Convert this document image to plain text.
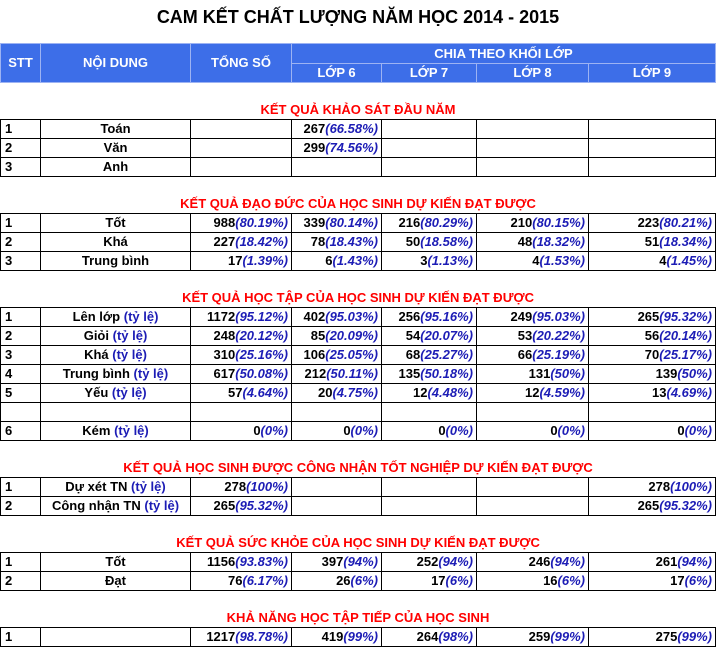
CAM KẾT CHẤT LƯỢNG NĂM HỌC 2014 - 2015
STT	NỘI DUNG	TỔNG SỐ	CHIA THEO KHỐI LỚP			
			LỚP 6	LỚP 7	LỚP 8	LỚP 9

KẾT QUẢ KHẢO SÁT ĐẦU NĂM						
1	Toán		267(66.58%)			
2	Văn		299(74.56%)			
3	Anh					

KẾT QUẢ ĐẠO ĐỨC CỦA HỌC SINH DỰ KIẾN ĐẠT ĐƯỢC						
1	Tốt	988(80.19%)	339(80.14%)	216(80.29%)	210(80.15%)	223(80.21%)
2	Khá	227(18.42%)	78(18.43%)	50(18.58%)	48(18.32%)	51(18.34%)
3	Trung bình	17(1.39%)	6(1.43%)	3(1.13%)	4(1.53%)	4(1.45%)

KẾT QUẢ HỌC TẬP CỦA HỌC SINH DỰ KIẾN ĐẠT ĐƯỢC						
1	Lên lớp (tỷ lệ)	1172(95.12%)	402(95.03%)	256(95.16%)	249(95.03%)	265(95.32%)
2	Giỏi (tỷ lệ)	248(20.12%)	85(20.09%)	54(20.07%)	53(20.22%)	56(20.14%)
3	Khá (tỷ lệ)	310(25.16%)	106(25.05%)	68(25.27%)	66(25.19%)	70(25.17%)
4	Trung bình (tỷ lệ)	617(50.08%)	212(50.11%)	135(50.18%)	131(50%)	139(50%)
5	Yếu (tỷ lệ)	57(4.64%)	20(4.75%)	12(4.48%)	12(4.59%)	13(4.69%)

6	Kém (tỷ lệ)	0(0%)	0(0%)	0(0%)	0(0%)	0(0%)

KẾT QUẢ HỌC SINH ĐƯỢC CÔNG NHẬN TỐT NGHIỆP DỰ KIẾN ĐẠT ĐƯỢC						
1	Dự xét TN (tỷ lệ)	278(100%)				278(100%)
2	Công nhận TN (tỷ lệ)	265(95.32%)				265(95.32%)

KẾT QUẢ SỨC KHỎE CỦA HỌC SINH DỰ KIẾN ĐẠT ĐƯỢC						
1	Tốt	1156(93.83%)	397(94%)	252(94%)	246(94%)	261(94%)
2	Đạt	76(6.17%)	26(6%)	17(6%)	16(6%)	17(6%)

KHẢ NĂNG HỌC TẬP TIẾP CỦA HỌC SINH						
1		1217(98.78%)	419(99%)	264(98%)	259(99%)	275(99%)
